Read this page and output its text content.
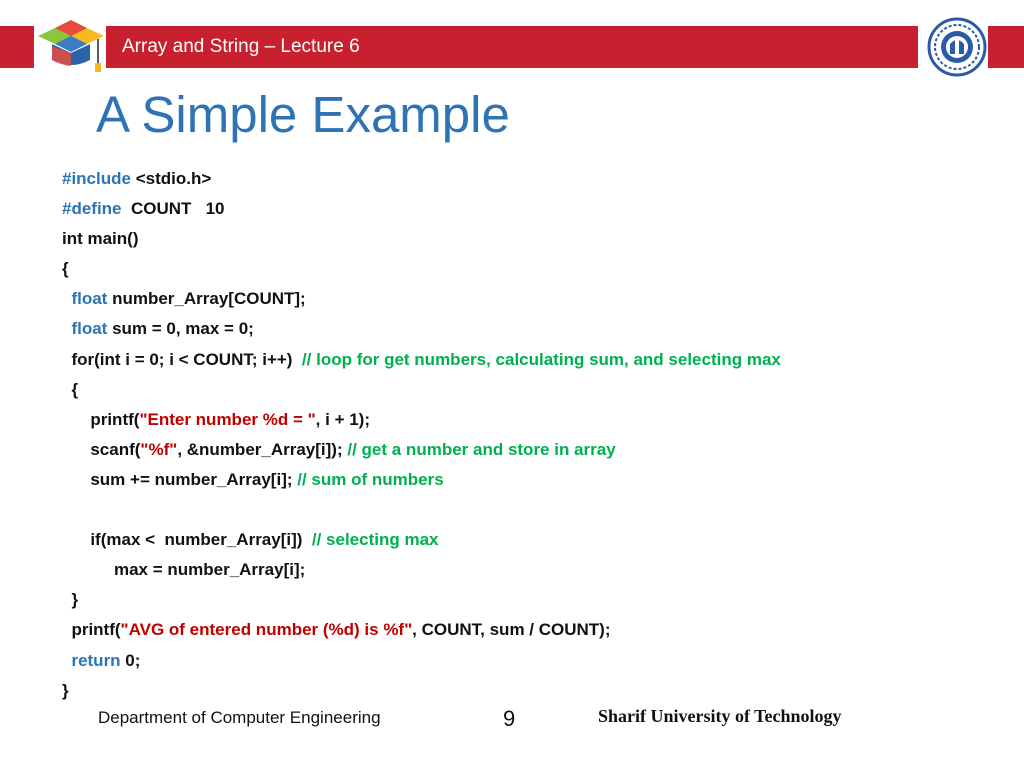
Array and String – Lecture 6
A Simple Example
#include <stdio.h>
#define  COUNT   10
int main()
{
float number_Array[COUNT];
float sum = 0, max = 0;
for(int i = 0; i < COUNT; i++)  // loop for get numbers, calculating sum, and selecting max
{
printf("Enter number %d = ", i + 1);
scanf("%f", &number_Array[i]); // get a number and store in array
sum += number_Array[i]; // sum of numbers
if(max <  number_Array[i])  // selecting max
max = number_Array[i];
}
printf("AVG of entered number (%d) is %f", COUNT, sum / COUNT);
return 0;
}
Department of Computer Engineering	9	Sharif University of Technology
